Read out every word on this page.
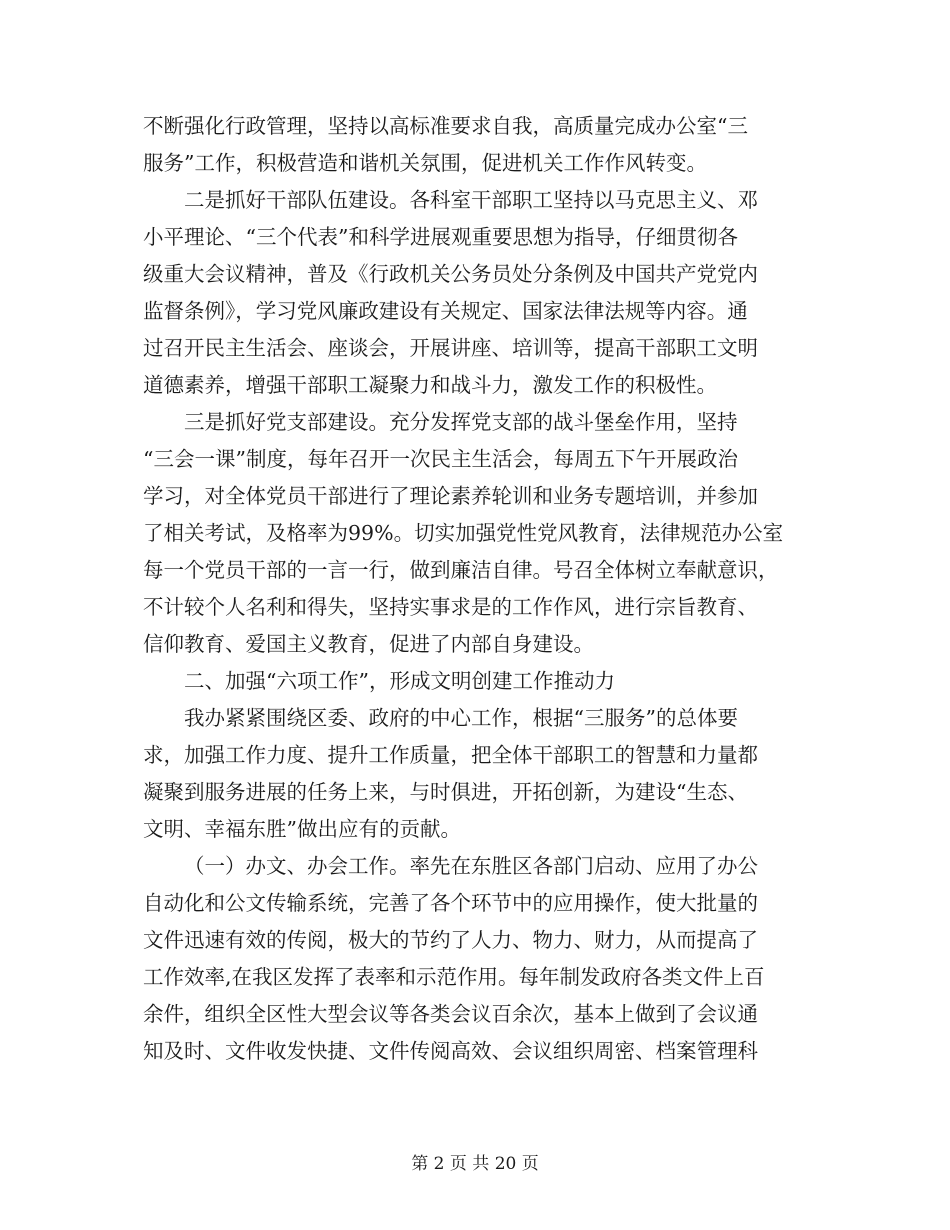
不断强化行政管理，坚持以高标准要求自我，高质量完成办公室“三
服务”工作，积极营造和谐机关氛围，促进机关工作作风转变。
二是抓好干部队伍建设。各科室干部职工坚持以马克思主义、邓
小平理论、“三个代表”和科学进展观重要思想为指导，仔细贯彻各
级重大会议精神，普及《行政机关公务员处分条例及中国共产党党内
监督条例》，学习党风廉政建设有关规定、国家法律法规等内容。通
过召开民主生活会、座谈会，开展讲座、培训等，提高干部职工文明
道德素养，增强干部职工凝聚力和战斗力，激发工作的积极性。
三是抓好党支部建设。充分发挥党支部的战斗堡垒作用，坚持
“三会一课”制度，每年召开一次民主生活会，每周五下午开展政治
学习，对全体党员干部进行了理论素养轮训和业务专题培训，并参加
了相关考试，及格率为99%。切实加强党性党风教育，法律规范办公室
每一个党员干部的一言一行，做到廉洁自律。号召全体树立奉献意识，
不计较个人名利和得失，坚持实事求是的工作作风，进行宗旨教育、
信仰教育、爱国主义教育，促进了内部自身建设。
二、加强“六项工作”，形成文明创建工作推动力
我办紧紧围绕区委、政府的中心工作，根据“三服务”的总体要
求，加强工作力度、提升工作质量，把全体干部职工的智慧和力量都
凝聚到服务进展的任务上来，与时俱进，开拓创新，为建设“生态、
文明、幸福东胜”做出应有的贡献。
（一）办文、办会工作。率先在东胜区各部门启动、应用了办公
自动化和公文传输系统，完善了各个环节中的应用操作，使大批量的
文件迅速有效的传阅，极大的节约了人力、物力、财力，从而提高了
工作效率,在我区发挥了表率和示范作用。每年制发政府各类文件上百
余件，组织全区性大型会议等各类会议百余次，基本上做到了会议通
知及时、文件收发快捷、文件传阅高效、会议组织周密、档案管理科
第 2 页 共 20 页
